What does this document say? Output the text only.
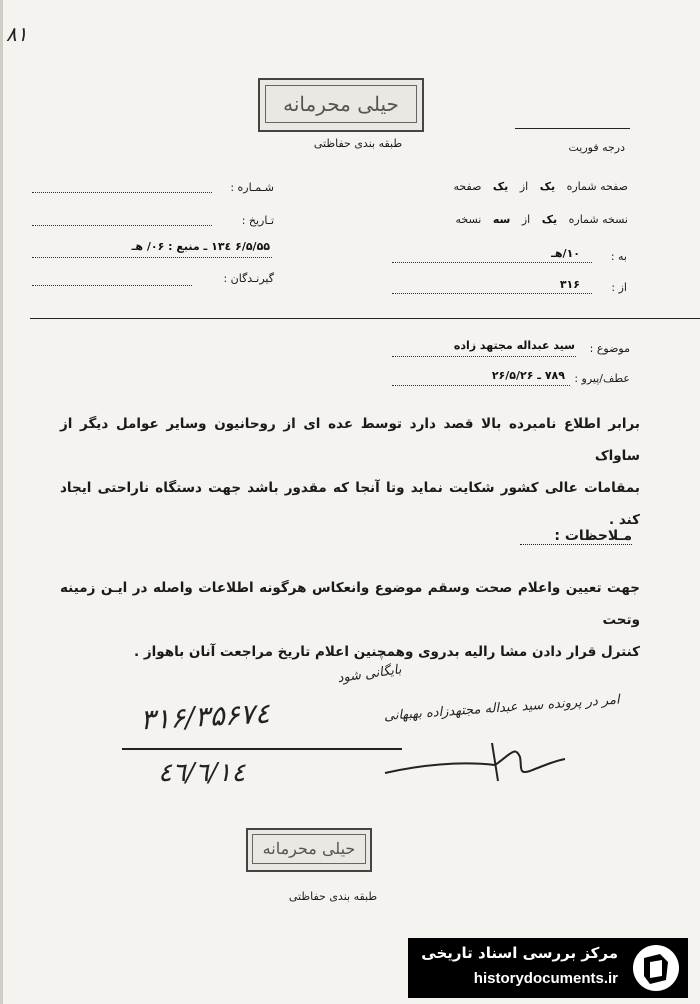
۸۱
حیلی محرمانه
طبقه بندی حفاظتی	درجه فوریت
شـمـاره :
تـاریخ :
۶/۵/۵۵ ۱۳٤ ـ منبع : ۰۶/ هـ
گیرنـدگان :
صفحه شماره یک از یک صفحه
نسخه شماره یک از سه نسخه
به :
۱۰/هـ
از :
۳۱۶
موضوع :
سید عبداله مجتهد زاده
عطف/پیرو :
۷۸۹ ـ ۲۶/۵/۲۶
برابر اطلاع نامبرده بالا قصد دارد توسط عده ای از روحانیون وسایر عوامل دیگر از ساواک
بمقامات عالی کشور شکایت نماید وتا آنجا که مقدور باشد جهت دستگاه ناراحتی ایجاد کند .
مـلاحظات :
جهت تعیین واعلام صحت وسقم موضوع وانعکاس هرگونه اطلاعات واصله در ایـن زمینه وتحت
کنترل قرار دادن مشا رالیه بدروی وهمچنین اعلام تاریخ مراجعت آنان باهواز .
بایگانی شود
امر در پرونده سید عبداله مجتهدزاده بهبهانی
۳۱۶/۳۵۶۷٤
٤٦/٦/١٤
حیلی محرمانه
طبقه بندی حفاظتی
مرکز بررسی اسناد تاریخی
historydocuments.ir
